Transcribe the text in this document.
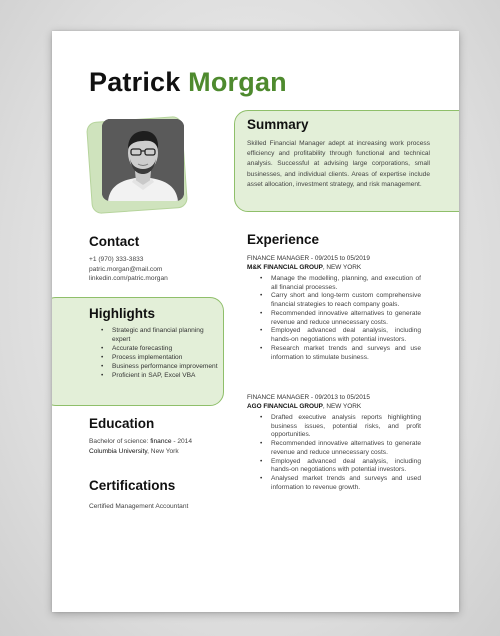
Patrick Morgan
Summary
Skilled Financial Manager adept at increasing work process efficiency and profitability through functional and technical analysis. Successful at advising large corporations, small businesses, and individual clients. Areas of expertise include asset allocation, investment strategy, and risk management.
Contact
+1 (970) 333-3833
patric.morgan@mail.com
linkedin.com/patric.morgan
Highlights
• Strategic and financial planning expert
• Accurate forecasting
• Process implementation
• Business performance improvement
• Proficient in SAP, Excel VBA
Education
Bachelor of science: finance - 2014
Columbia University, New York
Certifications
Certified Management Accountant
Experience
FINANCE MANAGER - 09/2015 to 05/2019
M&K FINANCIAL GROUP, NEW YORK
• Manage the modelling, planning, and execution of all financial processes.
• Carry short and long-term custom comprehensive financial strategies to reach company goals.
• Recommended innovative alternatives to generate revenue and reduce unnecessary costs.
• Employed advanced deal analysis, including hands-on negotiations with potential investors.
• Research market trends and surveys and use information to stimulate business.
FINANCE MANAGER - 09/2013 to 05/2015
AGO FINANCIAL GROUP, NEW YORK
• Drafted executive analysis reports highlighting business issues, potential risks, and profit opportunities.
• Recommended innovative alternatives to generate revenue and reduce unnecessary costs.
• Employed advanced deal analysis, including hands-on negotiations with potential investors.
• Analysed market trends and surveys and used information to revenue growth.
